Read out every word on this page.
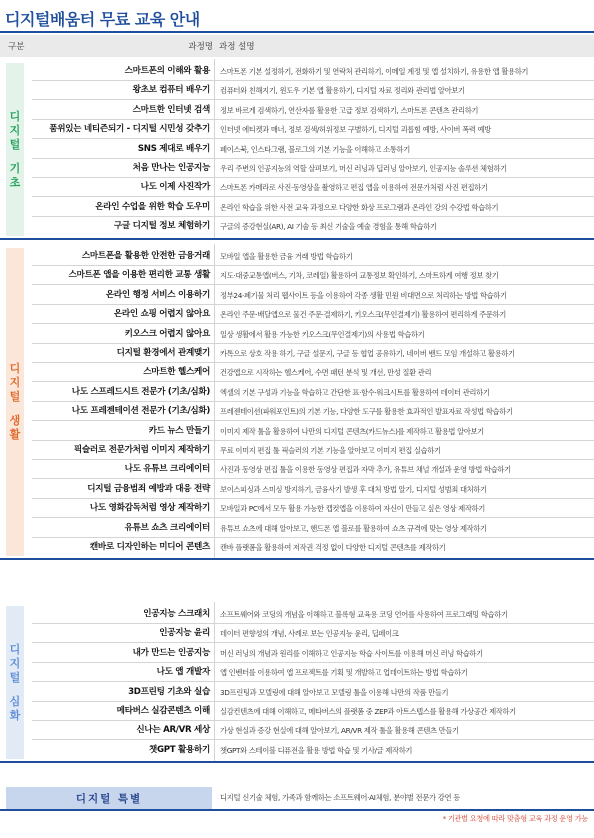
디지털배움터 무료 교육 안내
구분	과정명 과정 설명
디
지
털
기
초
스마트폰의 이해와 활용 스마트폰 기본 설정하기, 전화하기 및 연락처 관리하기, 이메일 계정 및 앱 설치하기, 유용한 앱 활용하기
왕초보 컴퓨터 배우기 컴퓨터와 친해지기, 윈도우 기본 앱 활용하기, 디지털 자료 정리와 관리법 알아보기
스마트한 인터넷 검색 정보 바르게 검색하기, 연산자를 활용한 고급 정보 검색하기, 스마트폰 콘텐츠 관리하기
품위있는 네티즌되기 - 디지털 시민성 갖추기 인터넷 에티켓과 매너, 정보 검색/허위정보 구별하기, 디지털 괴롭힘 예방, 사이버 폭력 예방
SNS 제대로 배우기 페이스북, 인스타그램, 블로그의 기본 기능을 이해하고 소통하기
처음 만나는 인공지능 우리 주변의 인공지능의 역할 살펴보기, 머신 러닝과 딥러닝 알아보기, 인공지능 솔루션 체험하기
나도 이제 사진작가 스마트폰 카메라로 사진·동영상을 촬영하고 편집 앱을 이용하여 전문가처럼 사진 편집하기
온라인 수업을 위한 학습 도우미 온라인 학습을 위한 사전 교육 과정으로 다양한 화상 프로그램과 온라인 강의 수강법 학습하기
구글 디지털 정보 체험하기 구글의 증강현실(AR), AI 기술 등 최신 기술을 예술 경험을 통해 학습하기
디
지
털
생
활
스마트폰을 활용한 안전한 금융거래 모바일 앱을 활용한 금융 거래 방법 학습하기
스마트폰 앱을 이용한 편리한 교통 생활 지도·대중교통앱(버스, 기차, 코레일) 활용하여 교통정보 확인하기, 스마트하게 여행 정보 찾기
온라인 행정 서비스 이용하기 정부24·폐기물 처리 웹사이트 등을 이용하여 각종 생활 민원 비대면으로 처리하는 방법 학습하기
온라인 쇼핑 어렵지 않아요 온라인 주문·배달앱으로 물건 주문·결제하기, 키오스크(무인결제기) 활용하여 편리하게 주문하기
키오스크 어렵지 않아요 일상 생활에서 활용 가능한 키오스크(무인결제기)의 사용법 학습하기
디지털 환경에서 관계맺기 카톡으로 상호 작용 하기, 구글 설문지, 구글 등 협업 공유하기, 네이버 밴드 모임 개설하고 활용하기
스마트한 헬스케어 건강앱으로 시작하는 헬스케어, 수면 패턴 분석 및 개선, 만성 질환 관리
나도 스프레드시트 전문가 (기초/심화) 엑셀의 기본 구성과 기능을 학습하고 간단한 표·함수·워크시트를 활용하여 데이터 관리하기
나도 프레젠테이션 전문가 (기초/심화) 프레젠테이션(파워포인트)의 기본 기능, 다양한 도구를 활용한 효과적인 발표자료 작성법 학습하기
카드 뉴스 만들기 이미지 제작 툴을 활용하여 나만의 디지털 콘텐츠(카드뉴스)를 제작하고 활용법 알아보기
픽슬러로 전문가처럼 이미지 제작하기 무료 이미지 편집 툴 픽슬러의 기본 기능을 알아보고 이미지 편집 실습하기
나도 유튜브 크리에이터 사진과 동영상 편집 툴을 이용한 동영상 편집과 자막 추가, 유튜브 채널 개설과 운영 방법 학습하기
디지털 금융범죄 예방과 대응 전략 보이스피싱과 스미싱 방지하기, 금융사기 발생 후 대처 방법 알기, 디지털 성범죄 대처하기
나도 영화감독처럼 영상 제작하기 모바일과 PC에서 모두 활용 가능한 캡컷앱을 이용하여 자신이 만들고 싶은 영상 제작하기
유튜브 쇼츠 크리에이터 유튜브 쇼츠에 대해 알아보고, 핸드폰 앱 블로를 활용하여 쇼츠 규격에 맞는 영상 제작하기
캔바로 디자인하는 미디어 콘텐츠 캔바 플랫폼을 활용하여 저작권 걱정 없이 다양한 디지털 콘텐츠를 제작하기
디
지
털
심
화
인공지능 스크래치 소프트웨어와 코딩의 개념을 이해하고 블록형 교육용 코딩 언어를 사용하여 프로그래밍 학습하기
인공지능 윤리 데이터 편향성의 개념, 사례로 보는 인공지능 윤리, 딥페이크
내가 만드는 인공지능 머신 러닝의 개념과 원리를 이해하고 인공지능 학습 사이트를 이용해 머신 러닝 학습하기
나도 앱 개발자 앱 인벤터를 이용하여 앱 프로젝트를 기획 및 개발하고 업데이트하는 방법 학습하기
3D프린팅 기초와 실습 3D프린팅과 모델링에 대해 알아보고 모델링 툴을 이용해 나만의 작품 만들기
메타버스 실감콘텐츠 이해 실감컨텐츠에 대해 이해하고, 메타버스의 플랫폼 중 ZEP과 아트스텝스를 활용해 가상공간 제작하기
신나는 AR/VR 세상 가상 현실과 증강 현실에 대해 알아보기, AR/VR 제작 툴을 활용해 콘텐츠 만들기
챗GPT 활용하기 챗GPT와 스테이블 디퓨전을 활용 방법 학습 및 기사/글 제작하기
디지털 특별	디지털 신기술 체험, 가족과 함께하는 소프트웨어·AI체험, 분야별 전문가 강연 등
* 기관별 요청에 따라 맞춤형 교육 과정 운영 가능
